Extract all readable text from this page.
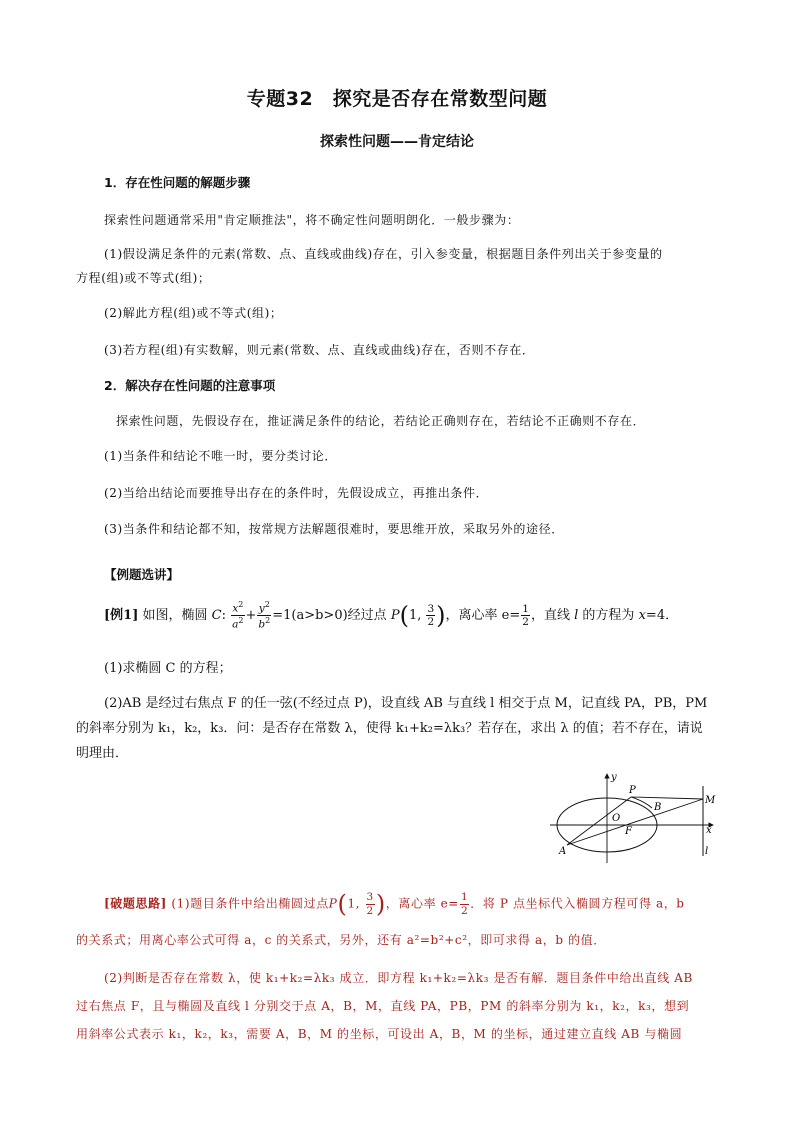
专题32　探究是否存在常数型问题
探索性问题——肯定结论
1．存在性问题的解题步骤
探索性问题通常采用"肯定顺推法"，将不确定性问题明朗化．一般步骤为：
(1)假设满足条件的元素(常数、点、直线或曲线)存在，引入参变量，根据题目条件列出关于参变量的
方程(组)或不等式(组)；
(2)解此方程(组)或不等式(组)；
(3)若方程(组)有实数解，则元素(常数、点、直线或曲线)存在，否则不存在．
2．解决存在性问题的注意事项
探索性问题，先假设存在，推证满足条件的结论，若结论正确则存在，若结论不正确则不存在．
(1)当条件和结论不唯一时，要分类讨论．
(2)当给出结论而要推导出存在的条件时，先假设成立，再推出条件．
(3)当条件和结论都不知，按常规方法解题很难时，要思维开放，采取另外的途径．
【例题选讲】
[例1] 如图，椭圆 C: $\frac{x^2}{a^2} + \frac{y^2}{b^2} =1(a>b>0)$经过点 P(1, $\frac{3}{2}$ )，离心率 $e= \frac{1}{2}$ ，直线 l 的方程为 x=4．
(1)求椭圆 C 的方程；
(2)AB 是经过右焦点 F 的任一弦(不经过点 P)，设直线 AB 与直线 l 相交于点 M，记直线 PA，PB，PM
的斜率分别为 k₁，k₂，k₃．问：是否存在常数 λ，使得 k₁+k₂=λk₃？若存在，求出 λ 的值；若不存在，请说
明理由．
y
x
P
B
M
O
F
A	l
[破题思路] (1)题目条件中给出椭圆过点P(1, $\frac{3}{2}$ )，离心率 $e= \frac{1}{2}$ ．将 P 点坐标代入椭圆方程可得 a，b
的关系式；用离心率公式可得 a，c 的关系式，另外，还有 a²=b²+c²，即可求得 a，b 的值．
(2)判断是否存在常数 λ，使 k₁+k₂=λk₃ 成立．即方程 k₁+k₂=λk₃ 是否有解．题目条件中给出直线 AB
过右焦点 F，且与椭圆及直线 l 分别交于点 A，B，M，直线 PA，PB，PM 的斜率分别为 k₁，k₂，k₃，想到
用斜率公式表示 k₁，k₂，k₃，需要 A，B，M 的坐标，可设出 A，B，M 的坐标，通过建立直线 AB 与椭圆
